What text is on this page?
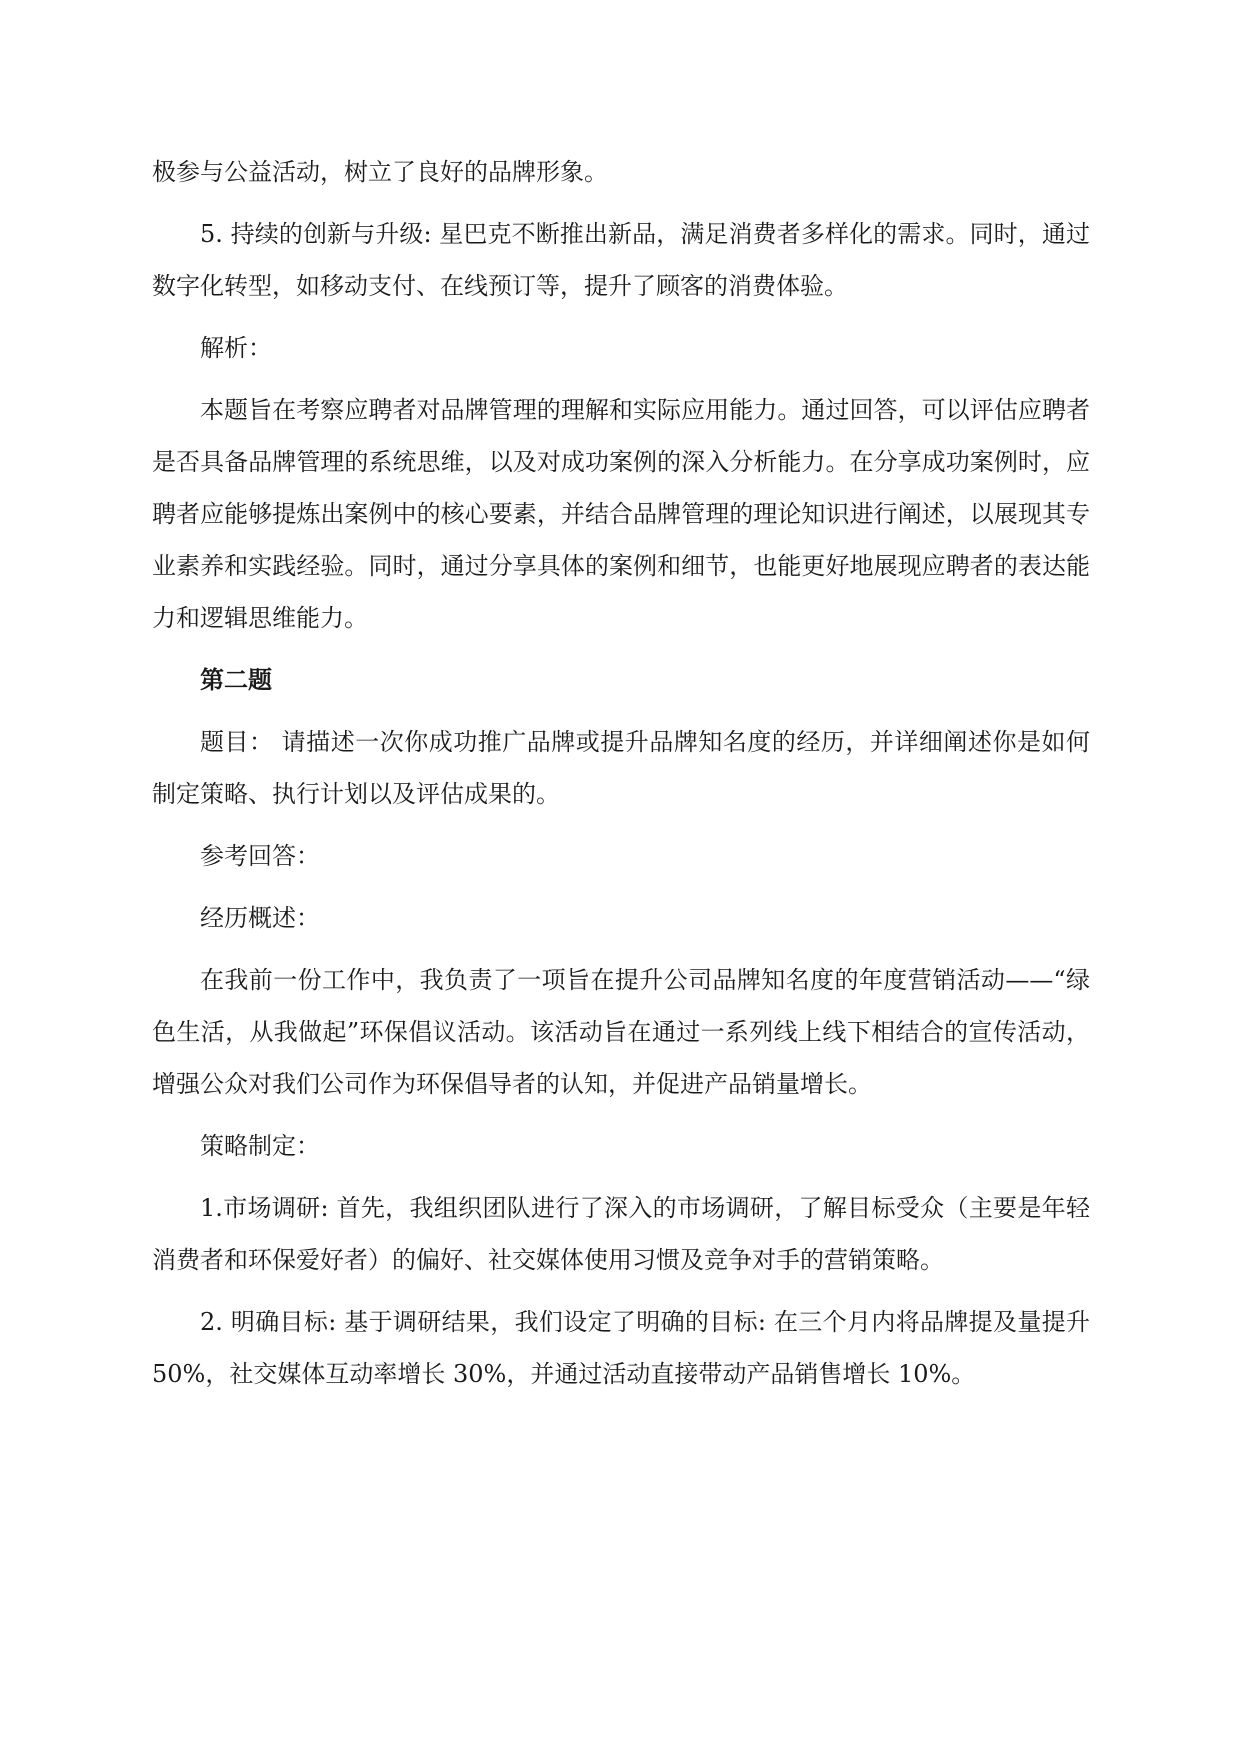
极参与公益活动，树立了良好的品牌形象。

5. 持续的创新与升级: 星巴克不断推出新品，满足消费者多样化的需求。同时，通过数字化转型，如移动支付、在线预订等，提升了顾客的消费体验。

解析：

本题旨在考察应聘者对品牌管理的理解和实际应用能力。通过回答，可以评估应聘者是否具备品牌管理的系统思维，以及对成功案例的深入分析能力。在分享成功案例时，应聘者应能够提炼出案例中的核心要素，并结合品牌管理的理论知识进行阐述，以展现其专业素养和实践经验。同时，通过分享具体的案例和细节，也能更好地展现应聘者的表达能力和逻辑思维能力。

第二题

题目： 请描述一次你成功推广品牌或提升品牌知名度的经历，并详细阐述你是如何制定策略、执行计划以及评估成果的。

参考回答：

经历概述：

在我前一份工作中，我负责了一项旨在提升公司品牌知名度的年度营销活动——“绿色生活，从我做起”环保倡议活动。该活动旨在通过一系列线上线下相结合的宣传活动，增强公众对我们公司作为环保倡导者的认知，并促进产品销量增长。

策略制定：

1.市场调研: 首先，我组织团队进行了深入的市场调研，了解目标受众（主要是年轻消费者和环保爱好者）的偏好、社交媒体使用习惯及竞争对手的营销策略。

2. 明确目标: 基于调研结果，我们设定了明确的目标: 在三个月内将品牌提及量提升 50%，社交媒体互动率增长 30%，并通过活动直接带动产品销售增长 10%。
